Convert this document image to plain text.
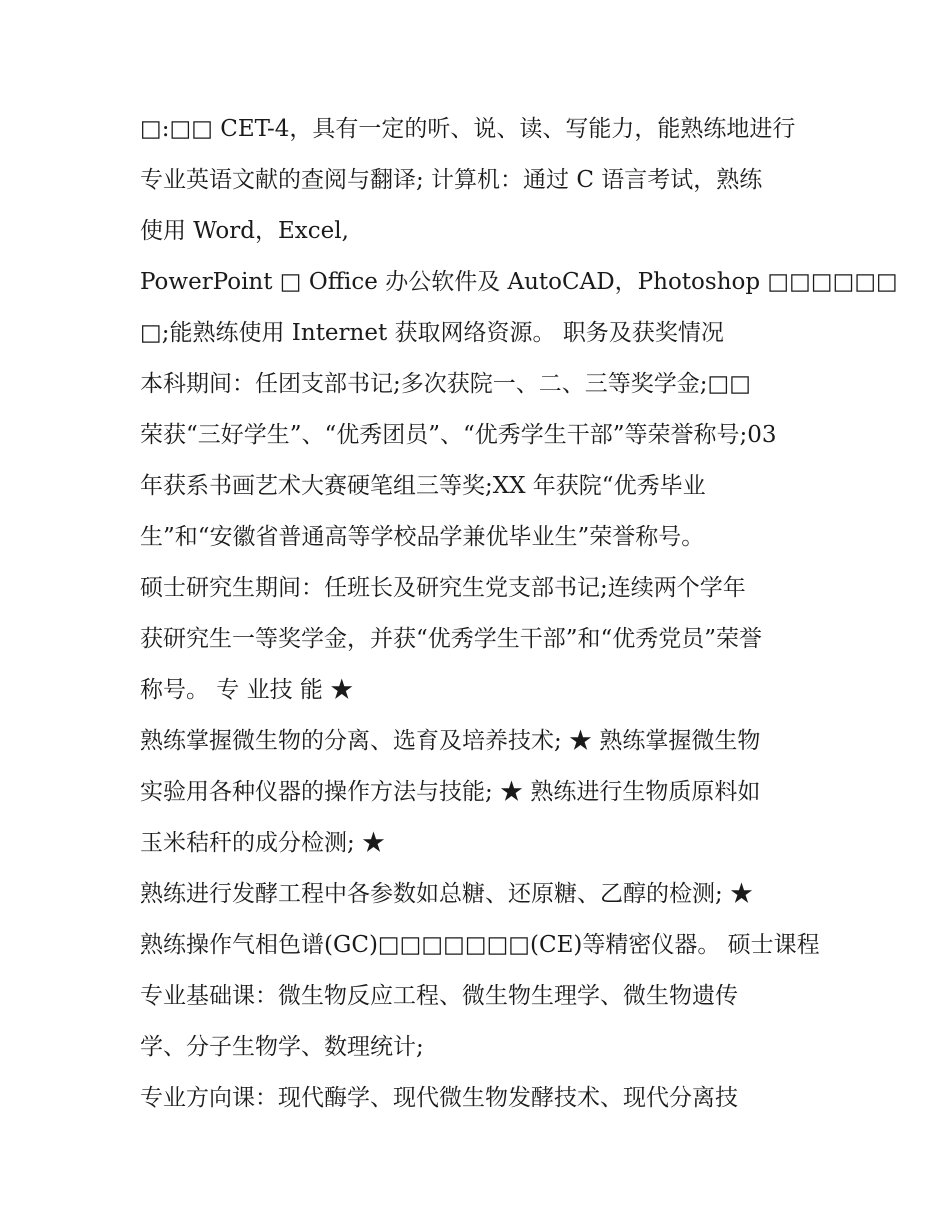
□:□□ CET-4，具有一定的听、说、读、写能力，能熟练地进行
专业英语文献的查阅与翻译; 计算机：通过 C 语言考试，熟练
使用 Word，Excel,
PowerPoint □ Office 办公软件及 AutoCAD，Photoshop □□□□□□
□;能熟练使用 Internet 获取网络资源。 职务及获奖情况
本科期间：任团支部书记;多次获院一、二、三等奖学金;□□
荣获“三好学生”、“优秀团员”、“优秀学生干部”等荣誉称号;03
年获系书画艺术大赛硬笔组三等奖;XX 年获院“优秀毕业
生”和“安徽省普通高等学校品学兼优毕业生”荣誉称号。
硕士研究生期间：任班长及研究生党支部书记;连续两个学年
获研究生一等奖学金，并获“优秀学生干部”和“优秀党员”荣誉
称号。 专 业技 能 ★
熟练掌握微生物的分离、选育及培养技术; ★ 熟练掌握微生物
实验用各种仪器的操作方法与技能; ★ 熟练进行生物质原料如
玉米秸秆的成分检测; ★
熟练进行发酵工程中各参数如总糖、还原糖、乙醇的检测; ★
熟练操作气相色谱(GC)□□□□□□□(CE)等精密仪器。 硕士课程
专业基础课：微生物反应工程、微生物生理学、微生物遗传
学、分子生物学、数理统计;
专业方向课：现代酶学、现代微生物发酵技术、现代分离技
